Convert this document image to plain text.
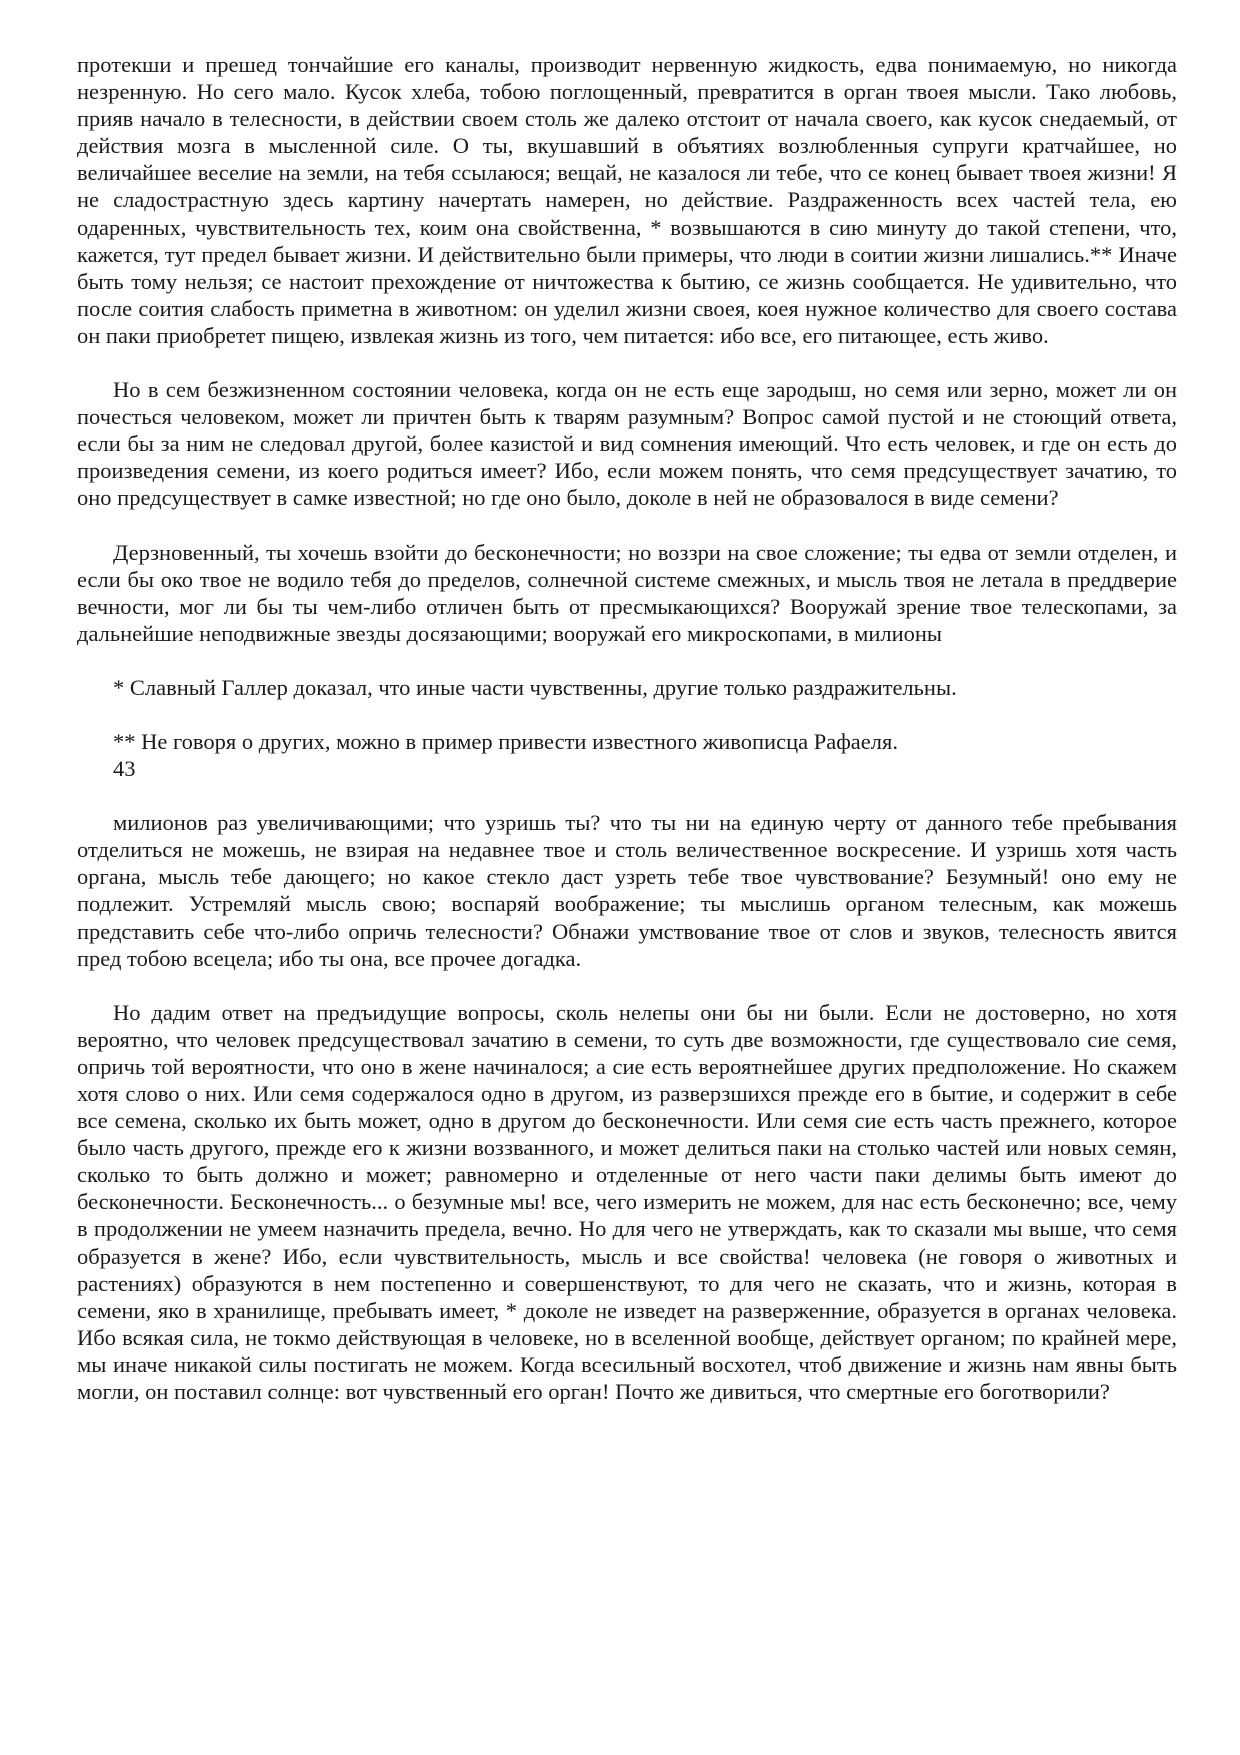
протекши и прешед тончайшие его каналы, производит нервенную жидкость, едва понимаемую, но никогда незренную. Но сего мало. Кусок хлеба, тобою поглощенный, превратится в орган твоея мысли. Тако любовь, прияв начало в телесности, в действии своем столь же далеко отстоит от начала своего, как кусок снедаемый, от действия мозга в мысленной силе. О ты, вкушавший в объятиях возлюбленныя супруги кратчайшее, но величайшее веселие на земли, на тебя ссылаюся; вещай, не казалося ли тебе, что се конец бывает твоея жизни! Я не сладострастную здесь картину начертать намерен, но действие. Раздраженность всех частей тела, ею одаренных, чувствительность тех, коим она свойственна, * возвышаются в сию минуту до такой степени, что, кажется, тут предел бывает жизни. И действительно были примеры, что люди в соитии жизни лишались.** Иначе быть тому нельзя; се настоит прехождение от ничтожества к бытию, се жизнь сообщается. Не удивительно, что после соития слабость приметна в животном: он уделил жизни своея, коея нужное количество для своего состава он паки приобретет пищею, извлекая жизнь из того, чем питается: ибо все, его питающее, есть живо.

Но в сем безжизненном состоянии человека, когда он не есть еще зародыш, но семя или зерно, может ли он почесться человеком, может ли причтен быть к тварям разумным? Вопрос самой пустой и не стоющий ответа, если бы за ним не следовал другой, более казистой и вид сомнения имеющий. Что есть человек, и где он есть до произведения семени, из коего родиться имеет? Ибо, если можем понять, что семя предсуществует зачатию, то оно предсуществует в самке известной; но где оно было, доколе в ней не образовалося в виде семени?

Дерзновенный, ты хочешь взойти до бесконечности; но воззри на свое сложение; ты едва от земли отделен, и если бы око твое не водило тебя до пределов, солнечной системе смежных, и мысль твоя не летала в преддверие вечности, мог ли бы ты чем-либо отличен быть от пресмыкающихся? Вооружай зрение твое телескопами, за дальнейшие неподвижные звезды досязающими; вооружай его микроскопами, в милионы

* Славный Галлер доказал, что иные части чувственны, другие только раздражительны.

** Не говоря о других, можно в пример привести известного живописца Рафаеля.

43

милионов раз увеличивающими; что узришь ты? что ты ни на единую черту от данного тебе пребывания отделиться не можешь, не взирая на недавнее твое и столь величественное воскресение. И узришь хотя часть органа, мысль тебе дающего; но какое стекло даст узреть тебе твое чувствование? Безумный! оно ему не подлежит. Устремляй мысль свою; воспаряй воображение; ты мыслишь органом телесным, как можешь представить себе что-либо опричь телесности? Обнажи умствование твое от слов и звуков, телесность явится пред тобою всецела; ибо ты она, все прочее догадка.

Но дадим ответ на предъидущие вопросы, сколь нелепы они бы ни были. Если не достоверно, но хотя вероятно, что человек предсуществовал зачатию в семени, то суть две возможности, где существовало сие семя, опричь той вероятности, что оно в жене начиналося; а сие есть вероятнейшее других предположение. Но скажем хотя слово о них. Или семя содержалося одно в другом, из разверзшихся прежде его в бытие, и содержит в себе все семена, сколько их быть может, одно в другом до бесконечности. Или семя сие есть часть прежнего, которое было часть другого, прежде его к жизни воззванного, и может делиться паки на столько частей или новых семян, сколько то быть должно и может; равномерно и отделенные от него части паки делимы быть имеют до бесконечности. Бесконечность... о безумные мы! все, чего измерить не можем, для нас есть бесконечно; все, чему в продолжении не умеем назначить предела, вечно. Но для чего не утверждать, как то сказали мы выше, что семя образуется в жене? Ибо, если чувствительность, мысль и все свойства! человека (не говоря о животных и растениях) образуются в нем постепенно и совершенствуют, то для чего не сказать, что и жизнь, которая в семени, яко в хранилище, пребывать имеет, * доколе не изведет на разверженние, образуется в органах человека. Ибо всякая сила, не токмо действующая в человеке, но в вселенной вообще, действует органом; по крайней мере, мы иначе никакой силы постигать не можем. Когда всесильный восхотел, чтоб движение и жизнь нам явны быть могли, он поставил солнце: вот чувственный его орган! Почто же дивиться, что смертные его боготворили?
